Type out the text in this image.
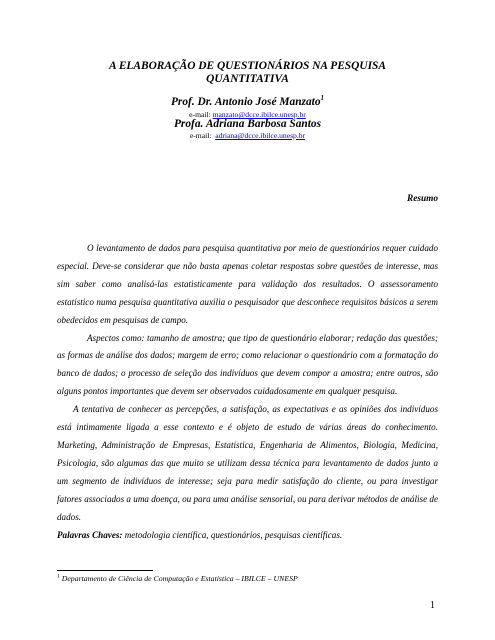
A ELABORAÇÃO DE QUESTIONÁRIOS NA PESQUISA
QUANTITATIVA
Prof. Dr. Antonio José Manzato$^1$
e-mail: manzato@dcce.ibilce.unesp.br
Profa. Adriana Barbosa Santos
e-mail: adriana@dcce.ibilce.unesp.br
Resumo

O levantamento de dados para pesquisa quantitativa por meio de questionários requer cuidado especial. Deve-se considerar que não basta apenas coletar respostas sobre questões de interesse, mas sim saber como analisá-las estatisticamente para validação dos resultados. O assessoramento estatístico numa pesquisa quantitativa auxilia o pesquisador que desconhece requisitos básicos a serem obedecidos em pesquisas de campo.

Aspectos como: tamanho de amostra; que tipo de questionário elaborar; redação das questões; as formas de análise dos dados; margem de erro; como relacionar o questionário com a formatação do banco de dados; o processo de seleção dos indivíduos que devem compor a amostra; entre outros, são alguns pontos importantes que devem ser observados cuidadosamente em qualquer pesquisa.

A tentativa de conhecer as percepções, a satisfação, as expectativas e as opiniões dos indivíduos está intimamente ligada a esse contexto e é objeto de estudo de várias áreas do conhecimento. Marketing, Administração de Empresas, Estatística, Engenharia de Alimentos, Biologia, Medicina, Psicologia, são algumas das que muito se utilizam dessa técnica para levantamento de dados junto a um segmento de indivíduos de interesse; seja para medir satisfação do cliente, ou para investigar fatores associados a uma doença, ou para uma análise sensorial, ou para derivar métodos de análise de dados.

Palavras Chaves: metodologia científica, questionários, pesquisas científicas.

$^1$ Departamento de Ciência de Computação e Estatística – IBILCE – UNESP
1
